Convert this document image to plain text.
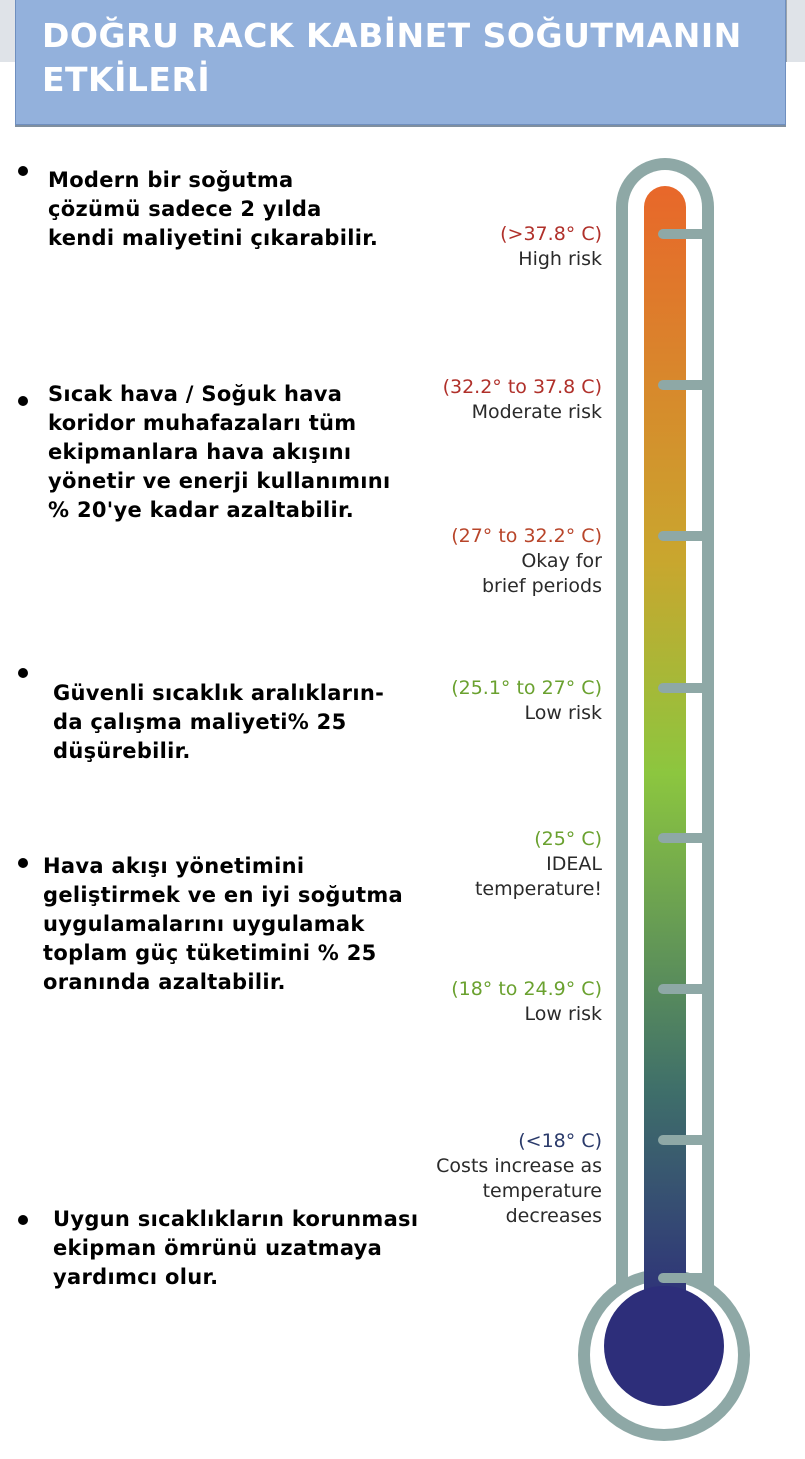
DOĞRU RACK KABİNET SOĞUTMANIN ETKİLERİ
Modern bir soğutma
çözümü sadece 2 yılda
kendi maliyetini çıkarabilir.
Sıcak hava / Soğuk hava
koridor muhafazaları tüm
ekipmanlara hava akışını
yönetir ve enerji kullanımını
% 20'ye kadar azaltabilir.
Güvenli sıcaklık aralıkların-
da çalışma maliyeti% 25
düşürebilir.
Hava akışı yönetimini
geliştirmek ve en iyi soğutma
uygulamalarını uygulamak
toplam güç tüketimini % 25
oranında azaltabilir.
Uygun sıcaklıkların korunması
ekipman ömrünü uzatmaya
yardımcı olur.
(>37.8° C)
High risk
(32.2° to 37.8 C)
Moderate risk
(27° to 32.2° C)
Okay for
brief periods
(25.1° to 27° C)
Low risk
(25° C)
IDEAL
temperature!
(18° to 24.9° C)
Low risk
(<18° C)
Costs increase as
temperature
decreases
